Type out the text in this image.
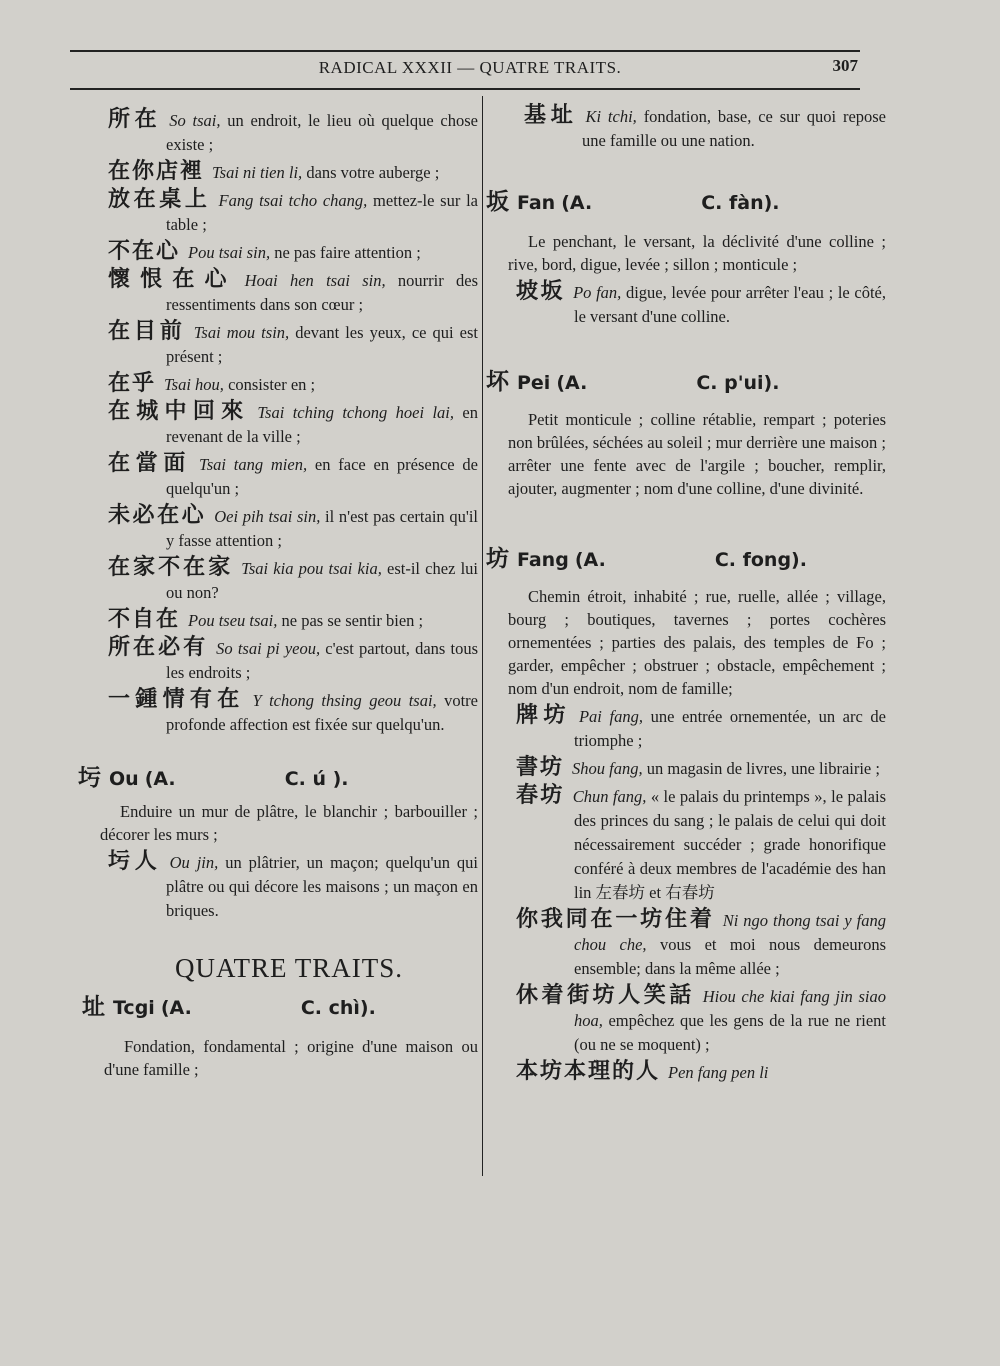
RADICAL XXXII — QUATRE TRAITS.	307
所在 So tsai, un endroit, le lieu où quelque chose existe ;
在你店裡 Tsai ni tien li, dans votre auberge ;
放在桌上 Fang tsai tcho chang, mettez-le sur la table ;
不在心 Pou tsai sin, ne pas faire attention ;
懷恨在心 Hoai hen tsai sin, nourrir des ressentiments dans son cœur ;
在目前 Tsai mou tsin, devant les yeux, ce qui est présent ;
在乎 Tsai hou, consister en ;
在城中回來 Tsai tching tchong hoei lai, en revenant de la ville ;
在當面 Tsai tang mien, en face en présence de quelqu'un ;
未必在心 Oei pih tsai sin, il n'est pas certain qu'il y fasse attention ;
在家不在家 Tsai kia pou tsai kia, est-il chez lui ou non?
不自在 Pou tseu tsai, ne pas se sentir bien ;
所在必有 So tsai pi yeou, c'est partout, dans tous les endroits ;
一鍾情有在 Y tchong thsing geou tsai, votre profonde affection est fixée sur quelqu'un.
圬 Ou (A.	C. ú ).
Enduire un mur de plâtre, le blanchir ; barbouiller ; décorer les murs ;
圬人 Ou jin, un plâtrier, un maçon; quelqu'un qui plâtre ou qui décore les maisons ; un maçon en briques.
QUATRE TRAITS.
址 Tcgi (A.	C. chì).
Fondation, fondamental ; origine d'une maison ou d'une famille ;
基址 Ki tchi, fondation, base, ce sur quoi repose une famille ou une nation.
坂 Fan (A.	C. fàn).
Le penchant, le versant, la déclivité d'une colline ; rive, bord, digue, levée ; sillon ; monticule ;
坡坂 Po fan, digue, levée pour arrêter l'eau ; le côté, le versant d'une colline.
坏 Pei (A.	C. p'ui).
Petit monticule ; colline rétablie, rempart ; poteries non brûlées, séchées au soleil ; mur derrière une maison ; arrêter une fente avec de l'argile ; boucher, remplir, ajouter, augmenter ; nom d'une colline, d'une divinité.
坊 Fang (A.	C. fong).
Chemin étroit, inhabité ; rue, ruelle, allée ; village, bourg ; boutiques, tavernes ; portes cochères ornementées ; parties des palais, des temples de Fo ; garder, empêcher ; obstruer ; obstacle, empêchement ; nom d'un endroit, nom de famille;
牌坊 Pai fang, une entrée ornementée, un arc de triomphe ;
書坊 Shou fang, un magasin de livres, une librairie ;
春坊 Chun fang, « le palais du printemps », le palais des princes du sang ; le palais de celui qui doit nécessairement succéder ; grade honorifique conféré à deux membres de l'académie des han lin 左春坊 et 右春坊
你我同在一坊住着 Ni ngo thong tsai y fang chou che, vous et moi nous demeurons ensemble; dans la même allée ;
休着街坊人笑話 Hiou che kiai fang jin siao hoa, empêchez que les gens de la rue ne rient (ou ne se moquent) ;
本坊本理的人 Pen fang pen li
